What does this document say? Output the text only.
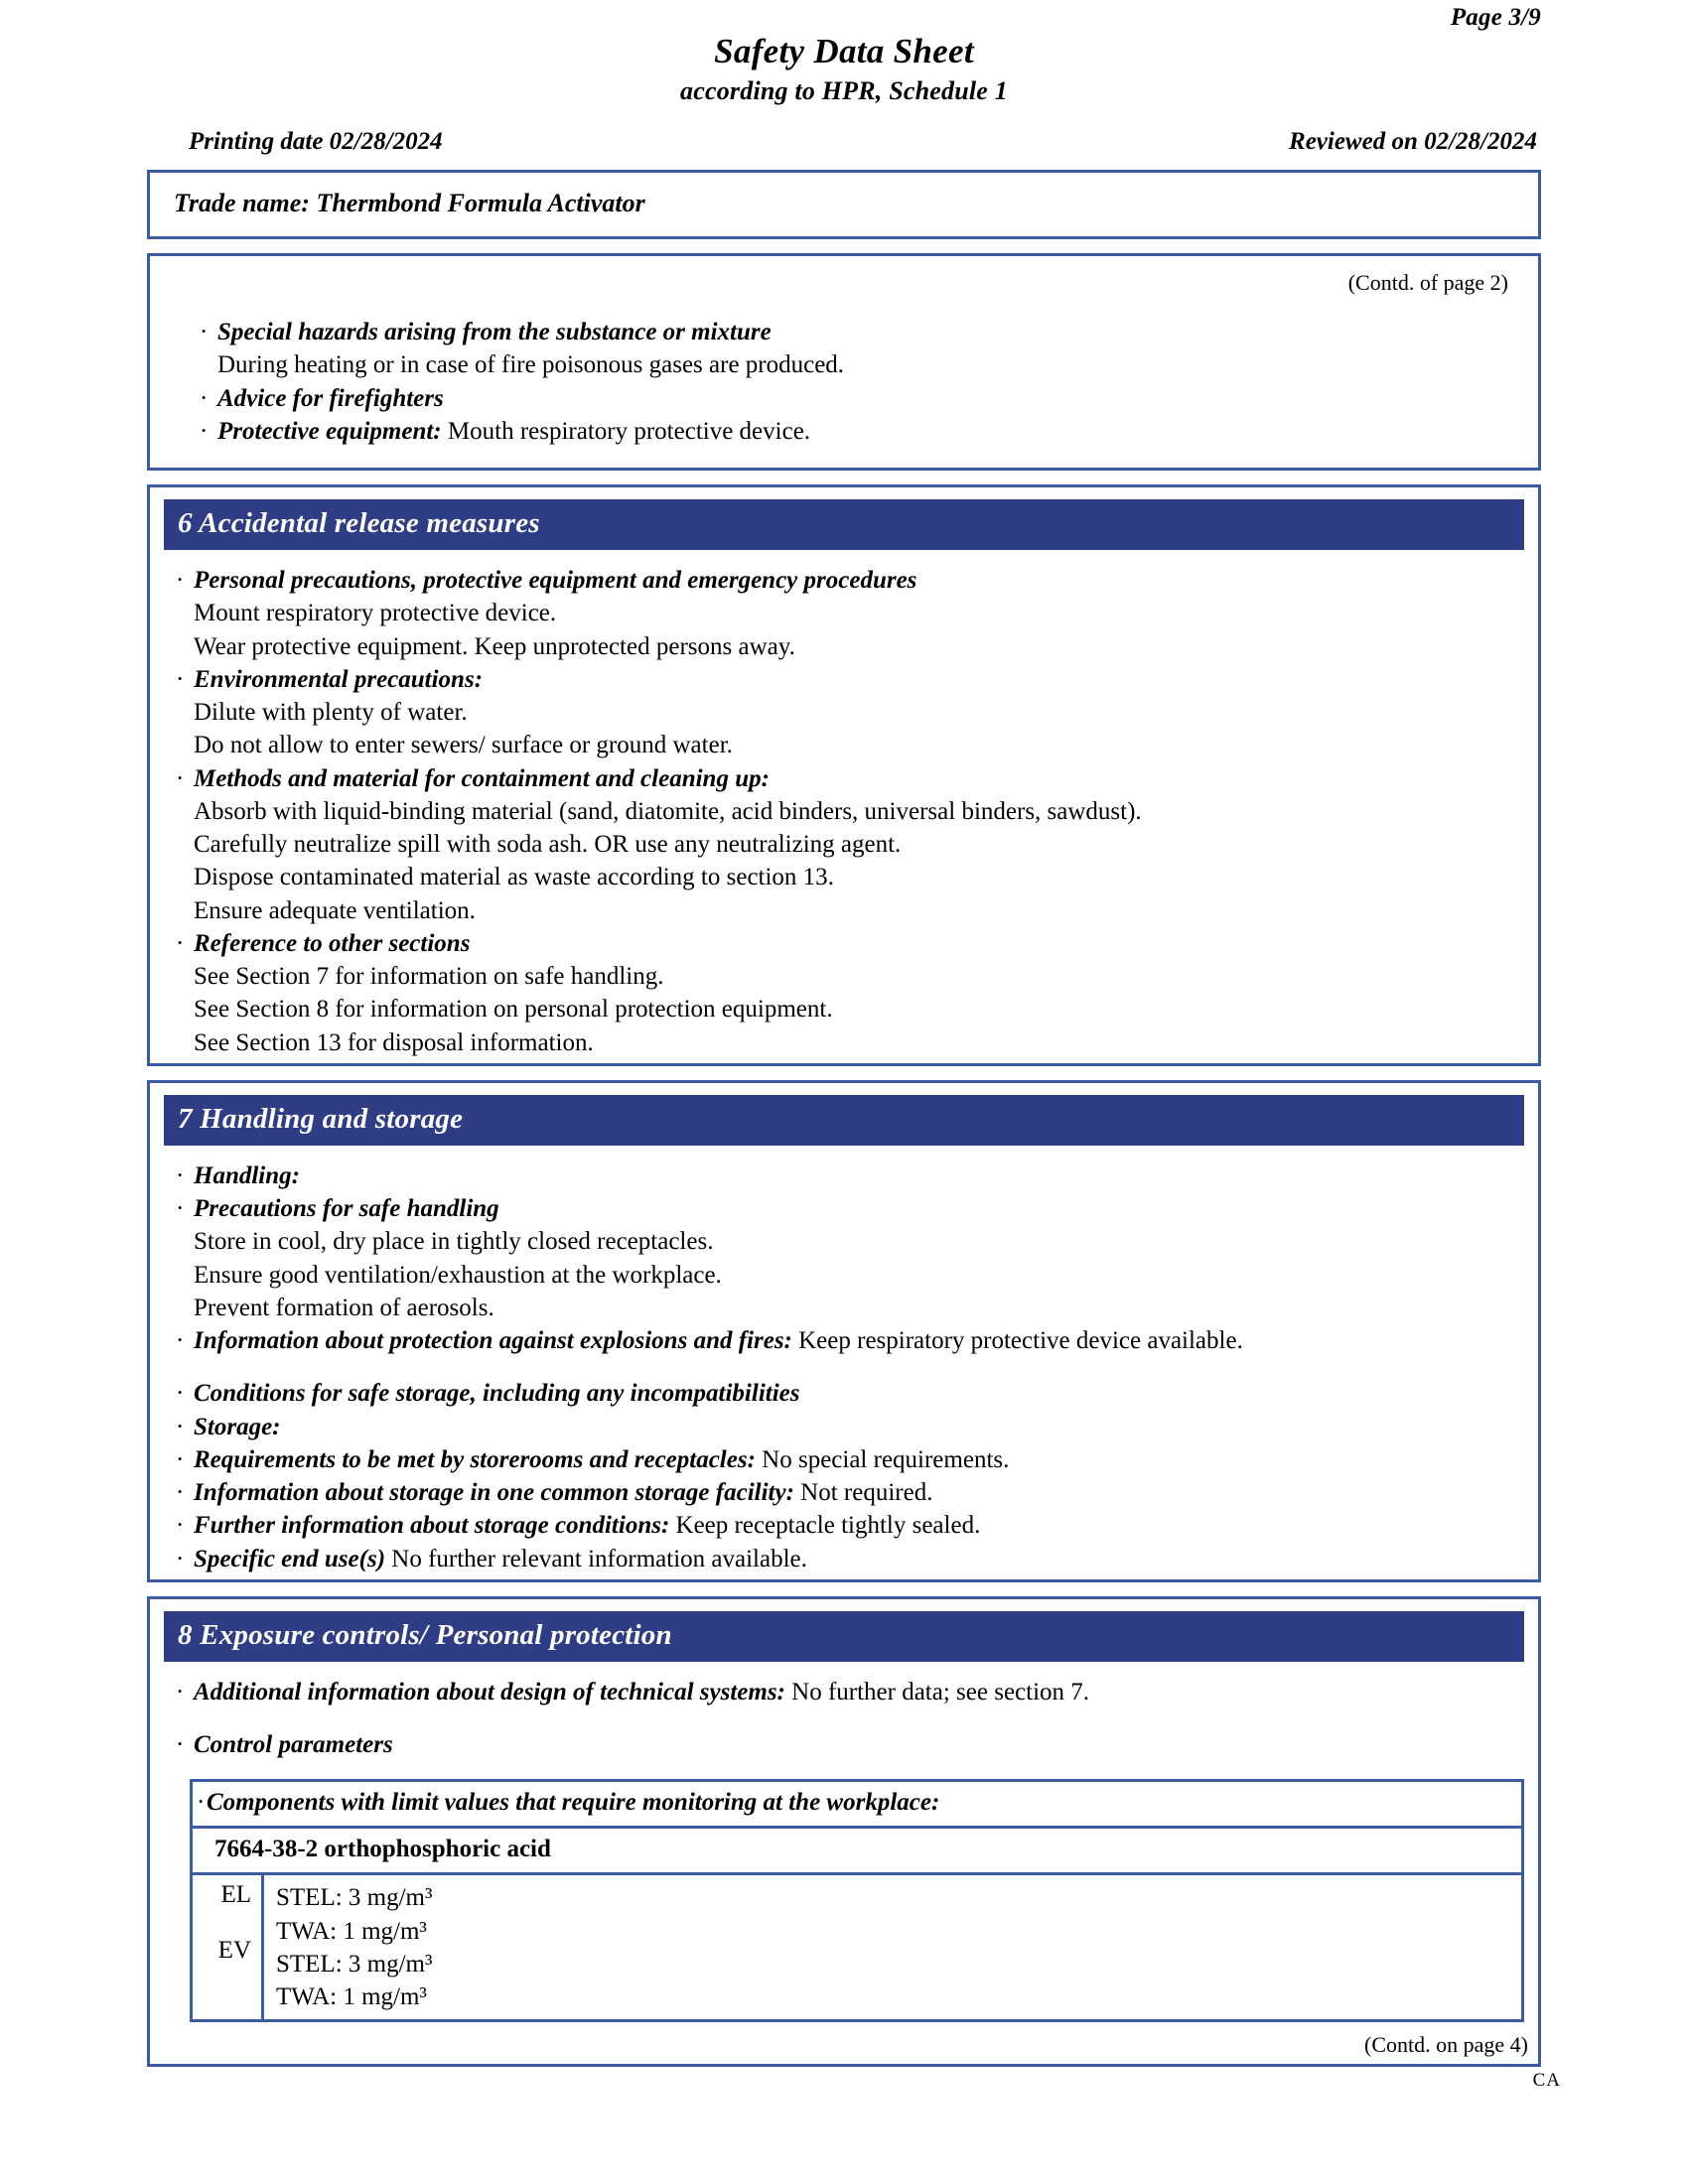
Page 3/9
Safety Data Sheet
according to HPR, Schedule 1
Printing date 02/28/2024	Reviewed on 02/28/2024
Trade name: Thermbond Formula Activator
(Contd. of page 2)
· Special hazards arising from the substance or mixture
During heating or in case of fire poisonous gases are produced.
· Advice for firefighters
· Protective equipment: Mouth respiratory protective device.
6 Accidental release measures
· Personal precautions, protective equipment and emergency procedures
Mount respiratory protective device.
Wear protective equipment. Keep unprotected persons away.
· Environmental precautions:
Dilute with plenty of water.
Do not allow to enter sewers/ surface or ground water.
· Methods and material for containment and cleaning up:
Absorb with liquid-binding material (sand, diatomite, acid binders, universal binders, sawdust).
Carefully neutralize spill with soda ash. OR use any neutralizing agent.
Dispose contaminated material as waste according to section 13.
Ensure adequate ventilation.
· Reference to other sections
See Section 7 for information on safe handling.
See Section 8 for information on personal protection equipment.
See Section 13 for disposal information.
7 Handling and storage
· Handling:
· Precautions for safe handling
Store in cool, dry place in tightly closed receptacles.
Ensure good ventilation/exhaustion at the workplace.
Prevent formation of aerosols.
· Information about protection against explosions and fires: Keep respiratory protective device available.
· Conditions for safe storage, including any incompatibilities
· Storage:
· Requirements to be met by storerooms and receptacles: No special requirements.
· Information about storage in one common storage facility: Not required.
· Further information about storage conditions: Keep receptacle tightly sealed.
· Specific end use(s) No further relevant information available.
8 Exposure controls/ Personal protection
· Additional information about design of technical systems: No further data; see section 7.
· Control parameters
· Components with limit values that require monitoring at the workplace:
7664-38-2 orthophosphoric acid
EL

EV

STEL: 3 mg/m³
TWA: 1 mg/m³
STEL: 3 mg/m³
TWA: 1 mg/m³
(Contd. on page 4)
CA
